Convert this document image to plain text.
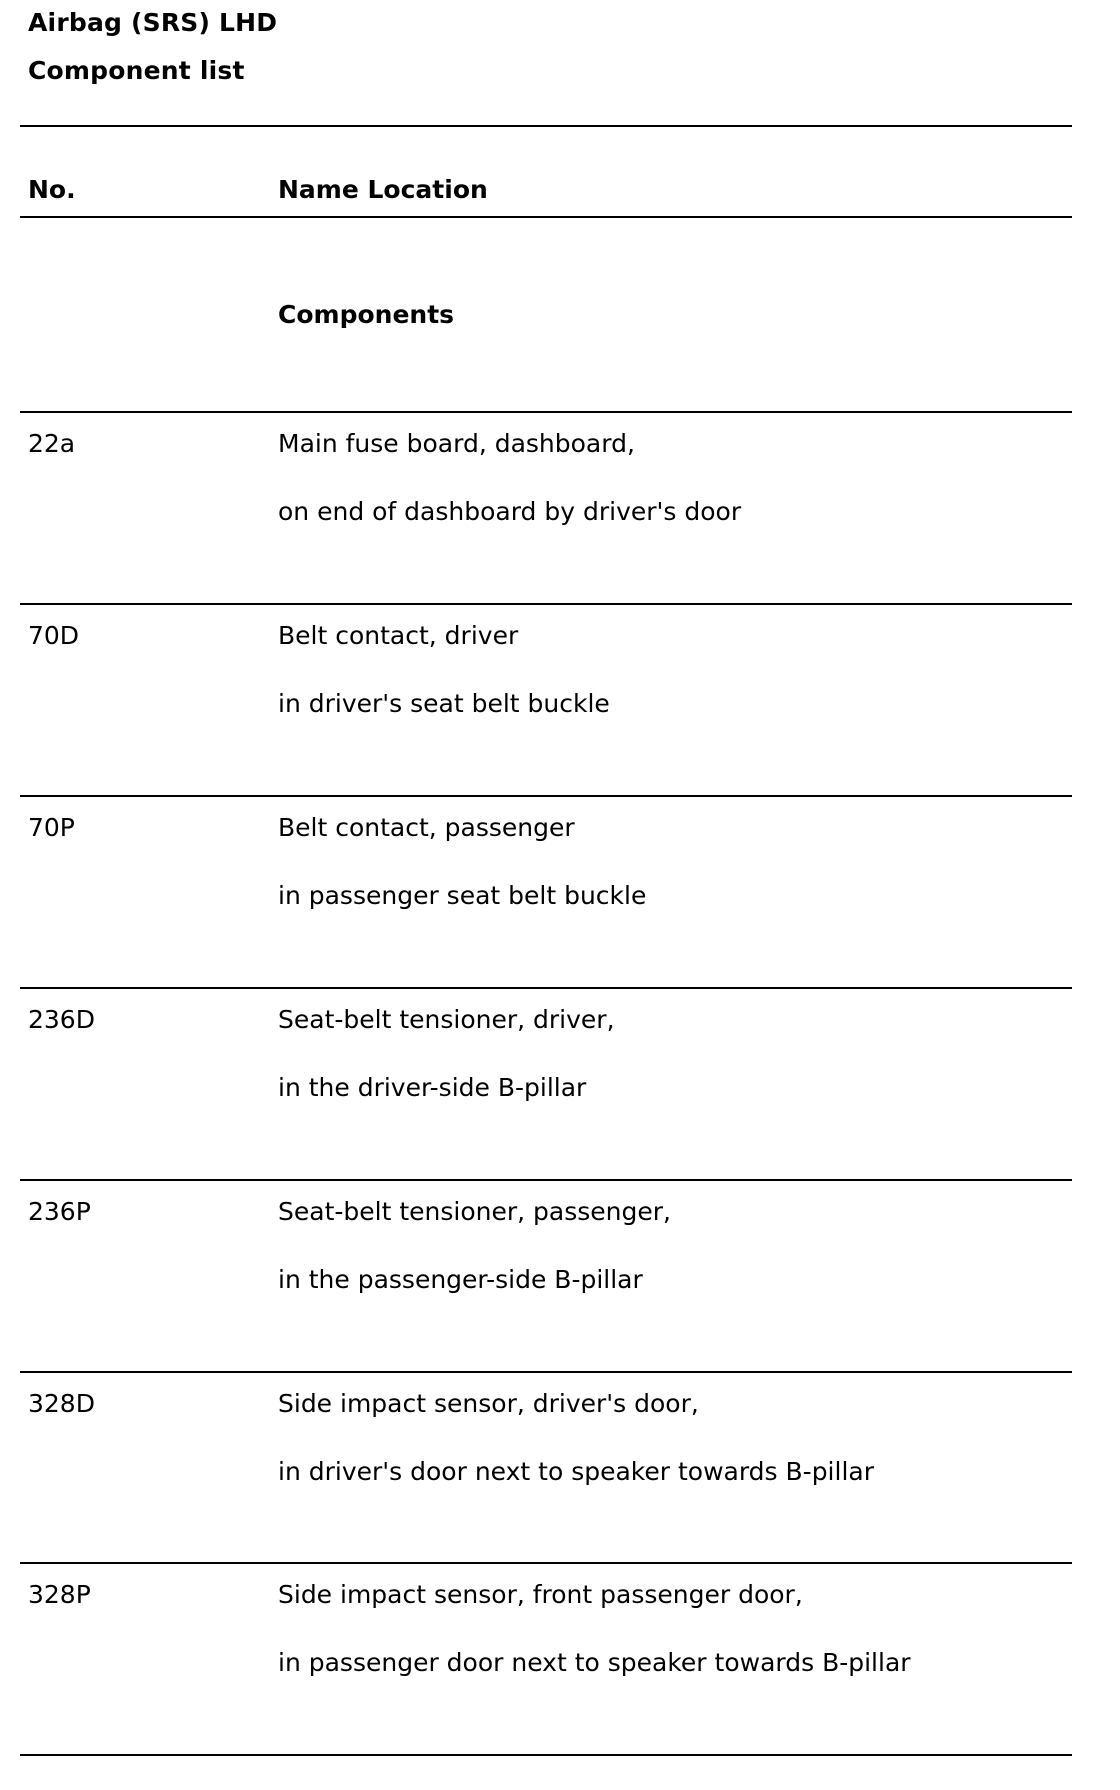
Airbag (SRS) LHD
Component list
No.	Name Location
Components
22a	Main fuse board, dashboard,
on end of dashboard by driver's door
70D	Belt contact, driver
in driver's seat belt buckle
70P	Belt contact, passenger
in passenger seat belt buckle
236D	Seat-belt tensioner, driver,
in the driver-side B-pillar
236P	Seat-belt tensioner, passenger,
in the passenger-side B-pillar
328D	Side impact sensor, driver's door,
in driver's door next to speaker towards B-pillar
328P	Side impact sensor, front passenger door,
in passenger door next to speaker towards B-pillar
